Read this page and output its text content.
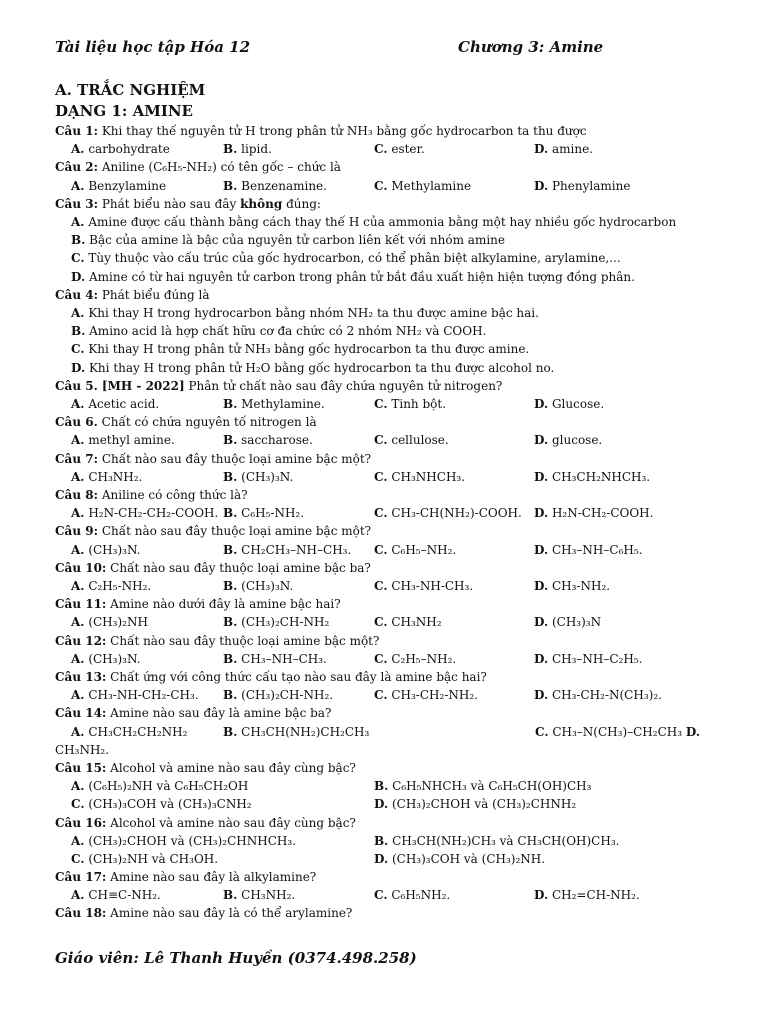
Tài liệu học tập Hóa 12	Chương 3: Amine
A. TRẮC NGHIỆM
DẠNG 1: AMINE
Câu 1: Khi thay thế nguyên tử H trong phân tử NH₃ bằng gốc hydrocarbon ta thu được
A. carbohydrate	B. lipid.	C. ester.	D. amine.
Câu 2: Aniline (C₆H₅-NH₂) có tên gốc – chức là
A. Benzylamine	B. Benzenamine.	C. Methylamine	D. Phenylamine
Câu 3: Phát biểu nào sau đây không đúng:
A. Amine được cấu thành bằng cách thay thế H của ammonia bằng một hay nhiều gốc hydrocarbon
B. Bậc của amine là bậc của nguyên tử carbon liên kết với nhóm amine
C. Tùy thuộc vào cấu trúc của gốc hydrocarbon, có thể phân biệt alkylamine, arylamine,...
D. Amine có từ hai nguyên tử carbon trong phân tử bắt đầu xuất hiện hiện tượng đồng phân.
Câu 4: Phát biểu đúng là
A. Khi thay H trong hydrocarbon bằng nhóm NH₂ ta thu được amine bậc hai.
B. Amino acid là hợp chất hữu cơ đa chức có 2 nhóm NH₂ và COOH.
C. Khi thay H trong phân tử NH₃ bằng gốc hydrocarbon ta thu được amine.
D. Khi thay H trong phân tử H₂O bằng gốc hydrocarbon ta thu được alcohol no.
Câu 5. [MH - 2022] Phân tử chất nào sau đây chứa nguyên tử nitrogen?
A. Acetic acid.	B. Methylamine.	C. Tinh bột.	D. Glucose.
Câu 6. Chất có chứa nguyên tố nitrogen là
A. methyl amine.	B. saccharose.	C. cellulose.	D. glucose.
Câu 7: Chất nào sau đây thuộc loại amine bậc một?
A. CH₃NH₂.	B. (CH₃)₃N.	C. CH₃NHCH₃.	D. CH₃CH₂NHCH₃.
Câu 8: Aniline có công thức là?
A. H₂N-CH₂-CH₂-COOH. B. C₆H₅-NH₂.	C. CH₃-CH(NH₂)-COOH. D. H₂N-CH₂-COOH.
Câu 9: Chất nào sau đây thuộc loại amine bậc một?
A. (CH₃)₃N.	B. CH₂CH₃–NH–CH₃. C. C₆H₅–NH₂.	D. CH₃–NH–C₆H₅.
Câu 10: Chất nào sau đây thuộc loại amine bậc ba?
A. C₂H₅-NH₂.	B. (CH₃)₃N.	C. CH₃-NH-CH₃.	D. CH₃-NH₂.
Câu 11: Amine nào dưới đây là amine bậc hai?
A. (CH₃)₂NH	B. (CH₃)₂CH-NH₂	C. CH₃NH₂	D. (CH₃)₃N
Câu 12: Chất nào sau đây thuộc loại amine bậc một?
A. (CH₃)₃N.	B. CH₃–NH–CH₃.	C. C₂H₅–NH₂.	D. CH₃–NH–C₂H₅.
Câu 13: Chất ứng với công thức cấu tạo nào sau đây là amine bậc hai?
A. CH₃-NH-CH₂-CH₃. B. (CH₃)₂CH-NH₂.	C. CH₃-CH₂-NH₂.	D. CH₃-CH₂-N(CH₃)₂.
Câu 14: Amine nào sau đây là amine bậc ba?
A. CH₃CH₂CH₂NH₂	B. CH₃CH(NH₂)CH₂CH₃	C. CH₃–N(CH₃)–CH₂CH₃ D.
CH₃NH₂.
Câu 15: Alcohol và amine nào sau đây cùng bậc?
A. (C₆H₅)₂NH và C₆H₅CH₂OH	B. C₆H₅NHCH₃ và C₆H₅CH(OH)CH₃
C. (CH₃)₃COH và (CH₃)₃CNH₂	D. (CH₃)₂CHOH và (CH₃)₂CHNH₂
Câu 16: Alcohol và amine nào sau đây cùng bậc?
A. (CH₃)₂CHOH và (CH₃)₂CHNHCH₃.	B. CH₃CH(NH₂)CH₃ và CH₃CH(OH)CH₃.
C. (CH₃)₂NH và CH₃OH.	D. (CH₃)₃COH và (CH₃)₂NH.
Câu 17: Amine nào sau đây là alkylamine?
A. CH≡C-NH₂.	B. CH₃NH₂.	C. C₆H₅NH₂.	D. CH₂=CH-NH₂.
Câu 18: Amine nào sau đây là có thể arylamine?
Giáo viên: Lê Thanh Huyền (0374.498.258)
